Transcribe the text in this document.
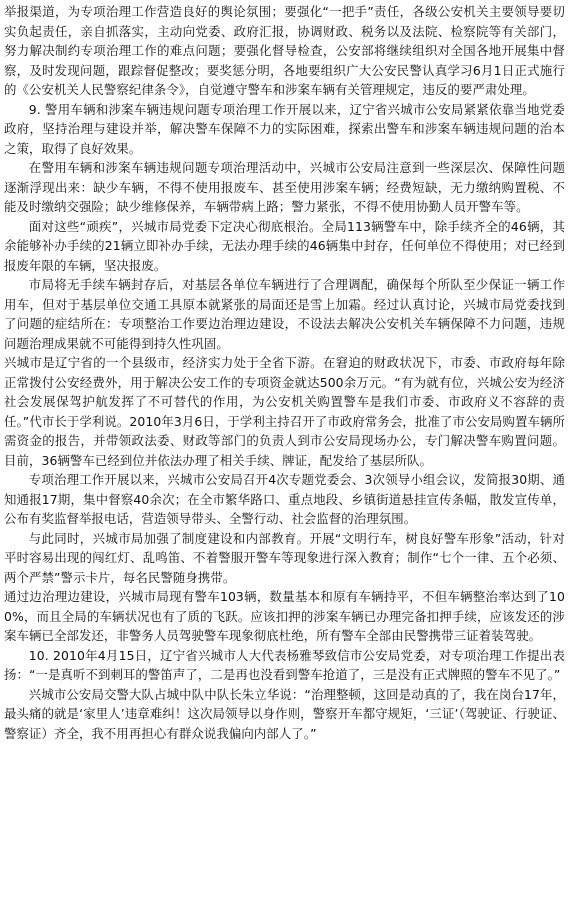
举报渠道，为专项治理工作营造良好的舆论氛围；要强化“一把手”责任，各级公安机关主要领导要切实负起责任，亲自抓落实，主动向党委、政府汇报，协调财政、税务以及法院、检察院等有关部门，努力解决制约专项治理工作的难点问题；要强化督导检查，公安部将继续组织对全国各地开展集中督察，及时发现问题，跟踪督促整改；要奖惩分明，各地要组织广大公安民警认真学习6月1日正式施行的《公安机关人民警察纪律条令》，自觉遵守警车和涉案车辆有关管理规定，违反的要严肃处理。

9. 警用车辆和涉案车辆违规问题专项治理工作开展以来，辽宁省兴城市公安局紧紧依靠当地党委政府，坚持治理与建设并举，解决警车保障不力的实际困难，探索出警车和涉案车辆违规问题的治本之策，取得了良好效果。

在警用车辆和涉案车辆违规问题专项治理活动中，兴城市公安局注意到一些深层次、保障性问题逐渐浮现出来：缺少车辆，不得不使用报废车、甚至使用涉案车辆；经费短缺，无力缴纳购置税、不能及时缴纳交强险；缺少维修保养，车辆带病上路；警力紧张，不得不使用协勤人员开警车等。

面对这些“顽疾”，兴城市局党委下定决心彻底根治。全局113辆警车中，除手续齐全的46辆，其余能够补办手续的21辆立即补办手续，无法办理手续的46辆集中封存，任何单位不得使用；对已经到报废年限的车辆，坚决报废。

市局将无手续车辆封存后，对基层各单位车辆进行了合理调配，确保每个所队至少保证一辆工作用车，但对于基层单位交通工具原本就紧张的局面还是雪上加霜。经过认真讨论，兴城市局党委找到了问题的症结所在：专项整治工作要边治理边建设，不设法去解决公安机关车辆保障不力问题，违规问题治理成果就不可能得到持久性巩固。

兴城市是辽宁省的一个县级市，经济实力处于全省下游。在窘迫的财政状况下，市委、市政府每年除正常拨付公安经费外，用于解决公安工作的专项资金就达500余万元。“有为就有位，兴城公安为经济社会发展保驾护航发挥了不可替代的作用，为公安机关购置警车是我们市委、市政府义不容辞的责任。”代市长于学利说。2010年3月6日，于学利主持召开了市政府常务会，批准了市公安局购置车辆所需资金的报告，并带领政法委、财政等部门的负责人到市公安局现场办公，专门解决警车购置问题。目前，36辆警车已经到位并依法办理了相关手续、牌证，配发给了基层所队。

专项治理工作开展以来，兴城市公安局召开4次专题党委会、3次领导小组会议，发简报30期、通知通报17期，集中督察40余次；在全市繁华路口、重点地段、乡镇街道悬挂宣传条幅，散发宣传单，公布有奖监督举报电话，营造领导带头、全警行动、社会监督的治理氛围。

与此同时，兴城市局加强了制度建设和内部教育。开展“文明行车，树良好警车形象”活动，针对平时容易出现的闯红灯、乱鸣笛、不着警服开警车等现象进行深入教育；制作“七个一律、五个必须、两个严禁”警示卡片，每名民警随身携带。

通过边治理边建设，兴城市局现有警车103辆，数量基本和原有车辆持平，不但车辆整治率达到了100%，而且全局的车辆状况也有了质的飞跃。应该扣押的涉案车辆已办理完备扣押手续，应该发还的涉案车辆已全部发还，非警务人员驾驶警车现象彻底杜绝，所有警车全部由民警携带三证着装驾驶。

10. 2010年4月15日，辽宁省兴城市人大代表杨雅琴致信市公安局党委，对专项治理工作提出表扬：“一是真听不到刺耳的警笛声了，二是再也没看到警车抢道了，三是没有正式牌照的警车不见了。”

兴城市公安局交警大队占城中队中队长朱立华说：“治理整顿，这回是动真的了，我在岗台17年，最头痛的就是‘家里人’违章难纠！这次局领导以身作则，警察开车都守规矩，‘三证’（驾驶证、行驶证、警察证）齐全，我不用再担心有群众说我偏向内部人了。”
